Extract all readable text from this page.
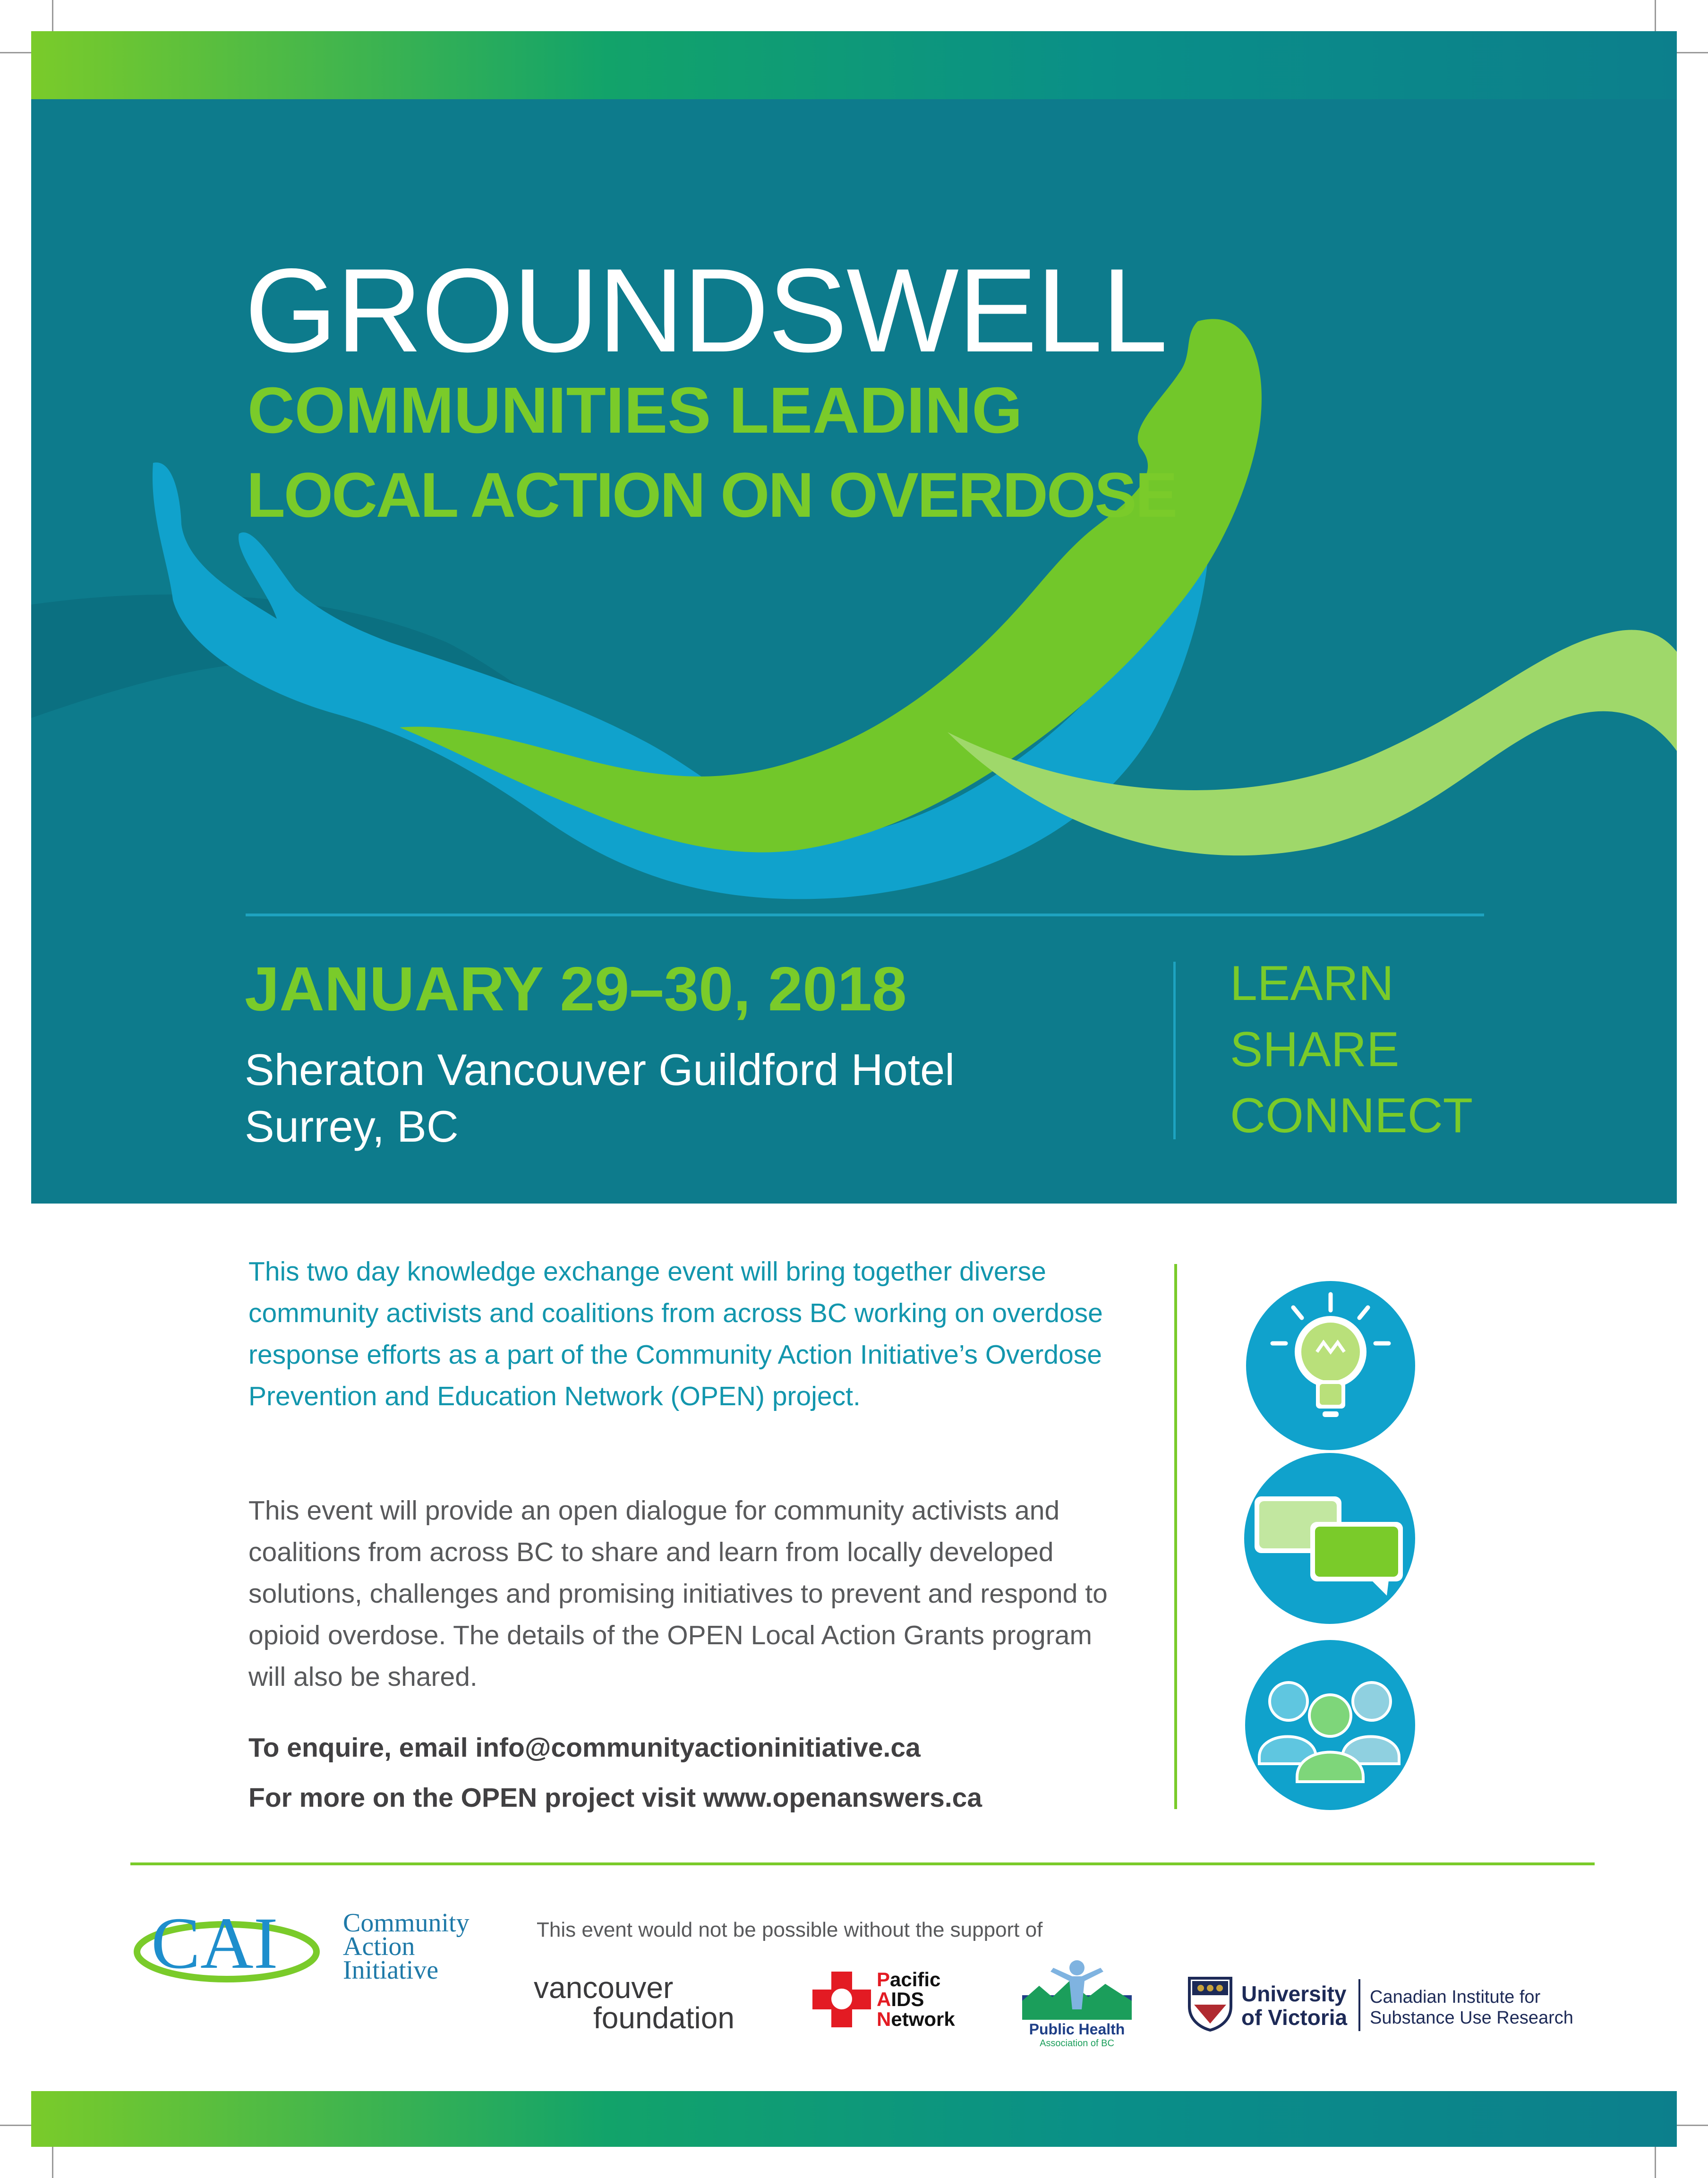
GROUNDSWELL
COMMUNITIES LEADING
LOCAL ACTION ON OVERDOSE
JANUARY 29–30, 2018
Sheraton Vancouver Guildford Hotel
Surrey, BC
LEARN
SHARE
CONNECT

This two day knowledge exchange event will bring together diverse community activists and coalitions from across BC working on overdose response efforts as a part of the Community Action Initiative’s Overdose Prevention and Education Network (OPEN) project.

This event will provide an open dialogue for community activists and coalitions from across BC to share and learn from locally developed solutions, challenges and promising initiatives to prevent and respond to opioid overdose. The details of the OPEN Local Action Grants program will also be shared.

To enquire, email info@communityactioninitiative.ca
For more on the OPEN project visit www.openanswers.ca
CAI Community
Action
Initiative
This event would not be possible without the support of
vancouver
foundation
Pacific
AIDS
Network	Public Health
Association of BC
University
of Victoria
Canadian Institute for
Substance Use Research
